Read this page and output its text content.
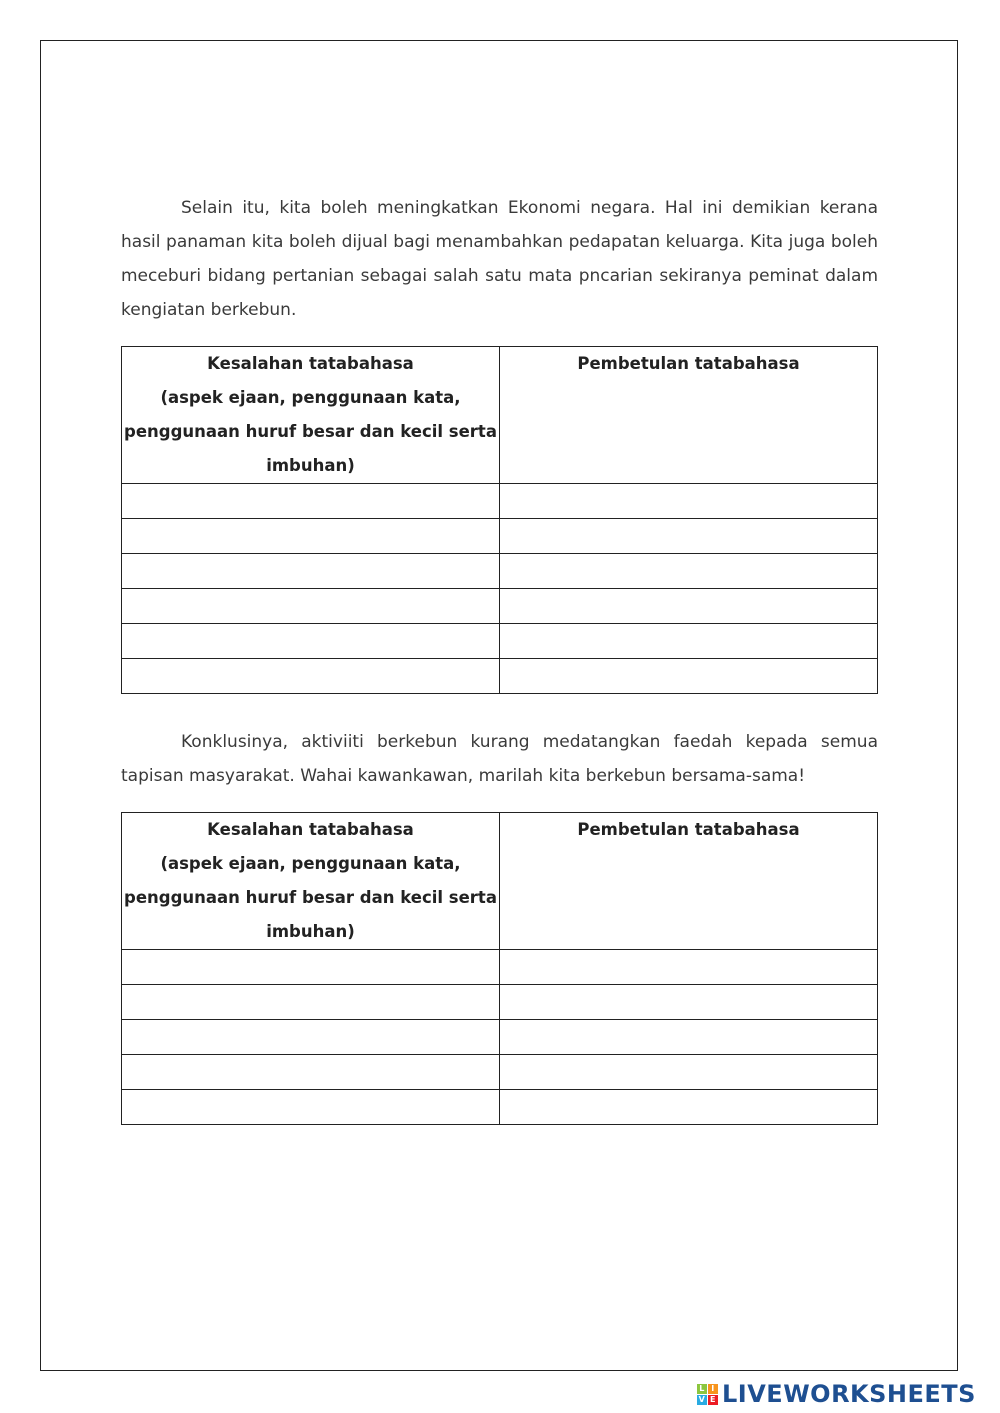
Selain itu, kita boleh meningkatkan Ekonomi negara. Hal ini demikian kerana hasil panaman kita boleh dijual bagi menambahkan pedapatan keluarga. Kita juga boleh meceburi bidang pertanian sebagai salah satu mata pncarian sekiranya peminat dalam kengiatan berkebun.

Kesalahan tatabahasa
(aspek ejaan, penggunaan kata,
penggunaan huruf besar dan kecil serta
imbuhan)	Pembetulan tatabahasa

Konklusinya, aktiviiti berkebun kurang medatangkan faedah kepada semua tapisan masyarakat. Wahai kawankawan, marilah kita berkebun bersama-sama!

Kesalahan tatabahasa
(aspek ejaan, penggunaan kata,
penggunaan huruf besar dan kecil serta
imbuhan)	Pembetulan tatabahasa

L I
V E LIVEWORKSHEETS
